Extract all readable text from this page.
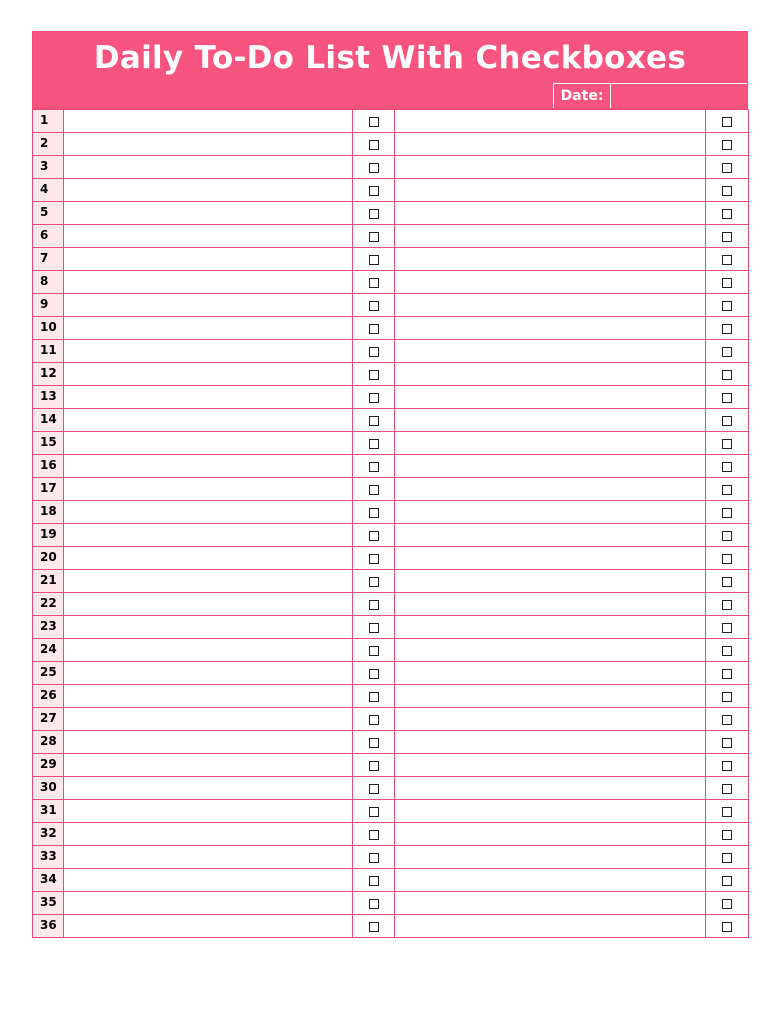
Daily To-Do List With Checkboxes
Date:
1				
2				
3				
4				
5				
6				
7				
8				
9				
10				
11				
12				
13				
14				
15				
16				
17				
18				
19				
20				
21				
22				
23				
24				
25				
26				
27				
28				
29				
30				
31				
32				
33				
34				
35				
36				
